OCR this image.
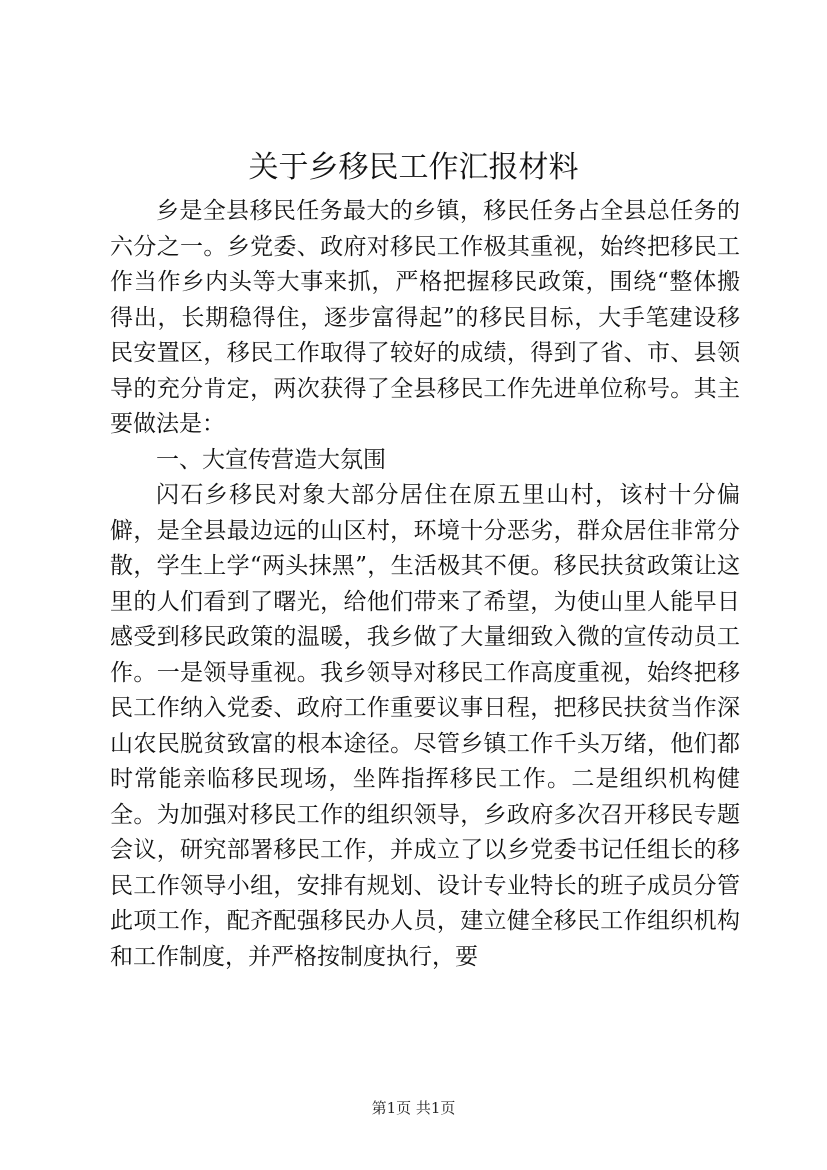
关于乡移民工作汇报材料

乡是全县移民任务最大的乡镇，移民任务占全县总任务的六分之一。乡党委、政府对移民工作极其重视，始终把移民工作当作乡内头等大事来抓，严格把握移民政策，围绕“整体搬得出，长期稳得住，逐步富得起”的移民目标，大手笔建设移民安置区，移民工作取得了较好的成绩，得到了省、市、县领导的充分肯定，两次获得了全县移民工作先进单位称号。其主要做法是：

一、大宣传营造大氛围

闪石乡移民对象大部分居住在原五里山村，该村十分偏僻，是全县最边远的山区村，环境十分恶劣，群众居住非常分散，学生上学“两头抹黑”，生活极其不便。移民扶贫政策让这里的人们看到了曙光，给他们带来了希望，为使山里人能早日感受到移民政策的温暖，我乡做了大量细致入微的宣传动员工作。一是领导重视。我乡领导对移民工作高度重视，始终把移民工作纳入党委、政府工作重要议事日程，把移民扶贫当作深山农民脱贫致富的根本途径。尽管乡镇工作千头万绪，他们都时常能亲临移民现场，坐阵指挥移民工作。二是组织机构健全。为加强对移民工作的组织领导，乡政府多次召开移民专题会议，研究部署移民工作，并成立了以乡党委书记任组长的移民工作领导小组，安排有规划、设计专业特长的班子成员分管此项工作，配齐配强移民办人员，建立健全移民工作组织机构和工作制度，并严格按制度执行，要

第1页 共1页
